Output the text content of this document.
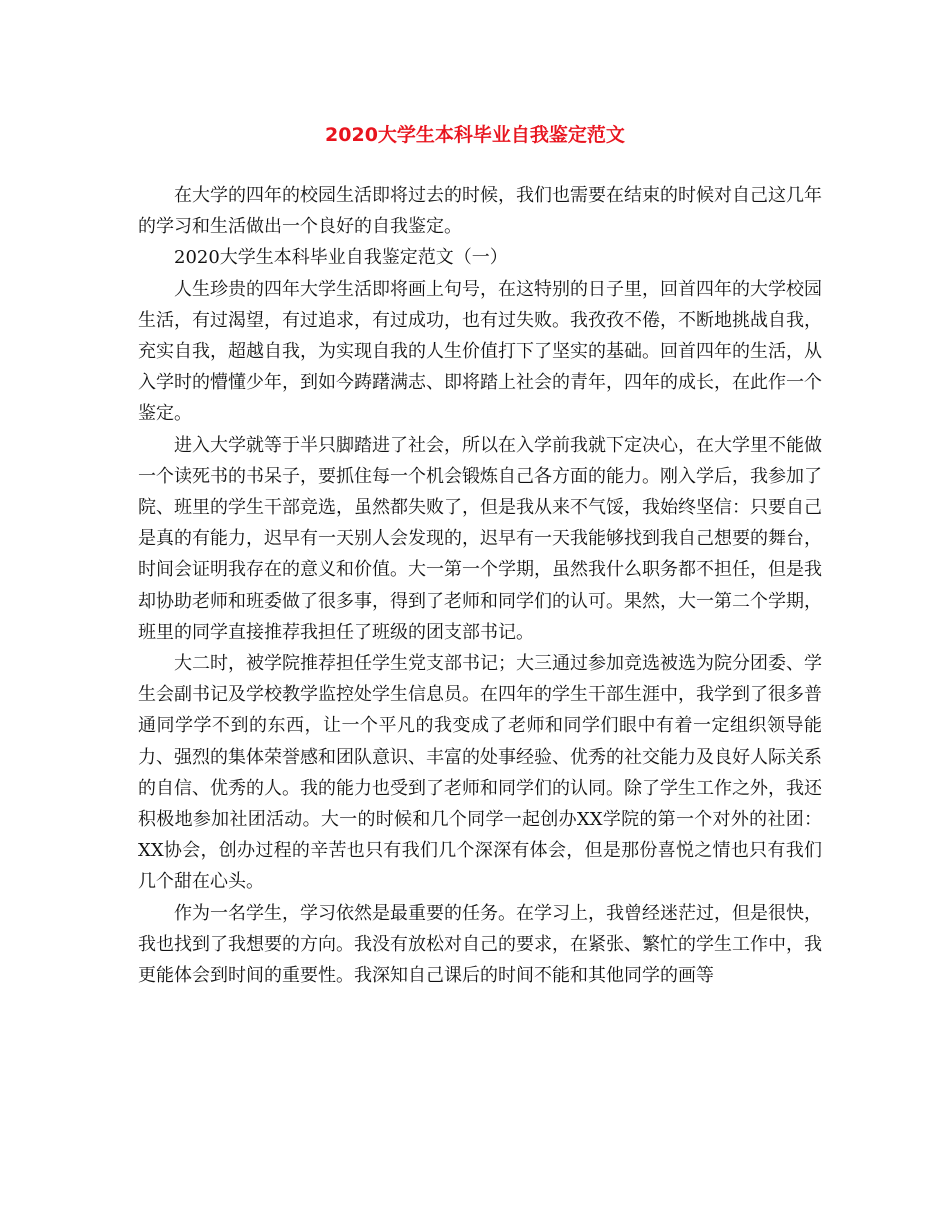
2020大学生本科毕业自我鉴定范文

在大学的四年的校园生活即将过去的时候，我们也需要在结束的时候对自己这几年的学习和生活做出一个良好的自我鉴定。

2020大学生本科毕业自我鉴定范文（一）

人生珍贵的四年大学生活即将画上句号，在这特别的日子里，回首四年的大学校园生活，有过渴望，有过追求，有过成功，也有过失败。我孜孜不倦，不断地挑战自我，充实自我，超越自我，为实现自我的人生价值打下了坚实的基础。回首四年的生活，从入学时的懵懂少年，到如今踌躇满志、即将踏上社会的青年，四年的成长，在此作一个鉴定。

进入大学就等于半只脚踏进了社会，所以在入学前我就下定决心，在大学里不能做一个读死书的书呆子，要抓住每一个机会锻炼自己各方面的能力。刚入学后，我参加了院、班里的学生干部竞选，虽然都失败了，但是我从来不气馁，我始终坚信：只要自己是真的有能力，迟早有一天别人会发现的，迟早有一天我能够找到我自己想要的舞台，时间会证明我存在的意义和价值。大一第一个学期，虽然我什么职务都不担任，但是我却协助老师和班委做了很多事，得到了老师和同学们的认可。果然，大一第二个学期，班里的同学直接推荐我担任了班级的团支部书记。

大二时，被学院推荐担任学生党支部书记；大三通过参加竞选被选为院分团委、学生会副书记及学校教学监控处学生信息员。在四年的学生干部生涯中，我学到了很多普通同学学不到的东西，让一个平凡的我变成了老师和同学们眼中有着一定组织领导能力、强烈的集体荣誉感和团队意识、丰富的处事经验、优秀的社交能力及良好人际关系的自信、优秀的人。我的能力也受到了老师和同学们的认同。除了学生工作之外，我还积极地参加社团活动。大一的时候和几个同学一起创办XX学院的第一个对外的社团：XX协会，创办过程的辛苦也只有我们几个深深有体会，但是那份喜悦之情也只有我们几个甜在心头。

作为一名学生，学习依然是最重要的任务。在学习上，我曾经迷茫过，但是很快，我也找到了我想要的方向。我没有放松对自己的要求，在紧张、繁忙的学生工作中，我更能体会到时间的重要性。我深知自己课后的时间不能和其他同学的画等
